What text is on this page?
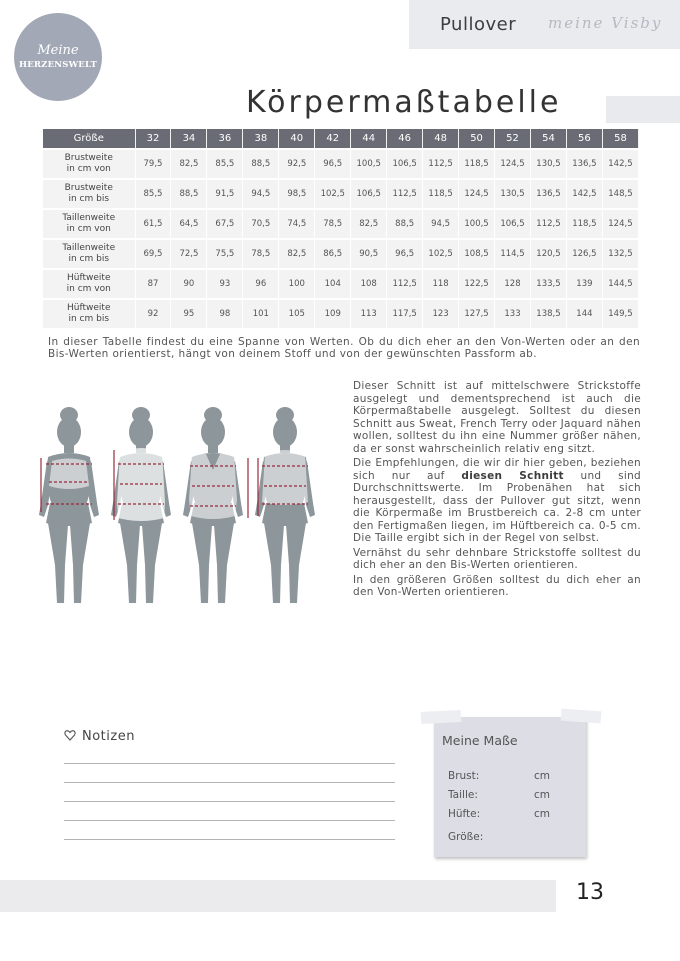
Meine
HERZENSWELT
Pullover meine Visby
Körpermaßtabelle
Größe	32	34	36	38	40	42	44	46	48	50	52	54	56	58

Brustweite
in cm von	79,5	82,5	85,5	88,5	92,5	96,5	100,5	106,5	112,5	118,5	124,5	130,5	136,5	142,5

Brustweite
in cm bis	85,5	88,5	91,5	94,5	98,5	102,5	106,5	112,5	118,5	124,5	130,5	136,5	142,5	148,5

Taillenweite
in cm von	61,5	64,5	67,5	70,5	74,5	78,5	82,5	88,5	94,5	100,5	106,5	112,5	118,5	124,5

Taillenweite
in cm bis	69,5	72,5	75,5	78,5	82,5	86,5	90,5	96,5	102,5	108,5	114,5	120,5	126,5	132,5

Hüftweite
in cm von	87	90	93	96	100	104	108	112,5	118	122,5	128	133,5	139	144,5

Hüftweite
in cm bis	92	95	98	101	105	109	113	117,5	123	127,5	133	138,5	144	149,5
In dieser Tabelle findest du eine Spanne von Werten. Ob du dich eher an den Von-Werten oder an den Bis-Werten orientierst, hängt von deinem Stoff und von der gewünschten Passform ab.

Dieser Schnitt ist auf mittelschwere Strickstoffe ausgelegt und dementsprechend ist auch die Körpermaßtabelle ausgelegt. Solltest du diesen Schnitt aus Sweat, French Terry oder Jaquard nähen wollen, solltest du ihn eine Nummer größer nähen, da er sonst wahrscheinlich relativ eng sitzt.

Die Empfehlungen, die wir dir hier geben, beziehen sich nur auf diesen Schnitt und sind Durchschnittswerte. Im Probenähen hat sich herausgestellt, dass der Pullover gut sitzt, wenn die Körpermaße im Brustbereich ca. 2-8 cm unter den Fertigmaßen liegen, im Hüftbereich ca. 0-5 cm. Die Taille ergibt sich in der Regel von selbst.

Vernähst du sehr dehnbare Strickstoffe solltest du dich eher an den Bis-Werten orientieren.

In den größeren Größen solltest du dich eher an den Von-Werten orientieren.

Notizen	Meine Maße
Brust:	cm
Taille:	cm
Hüfte:	cm
Größe:
13
